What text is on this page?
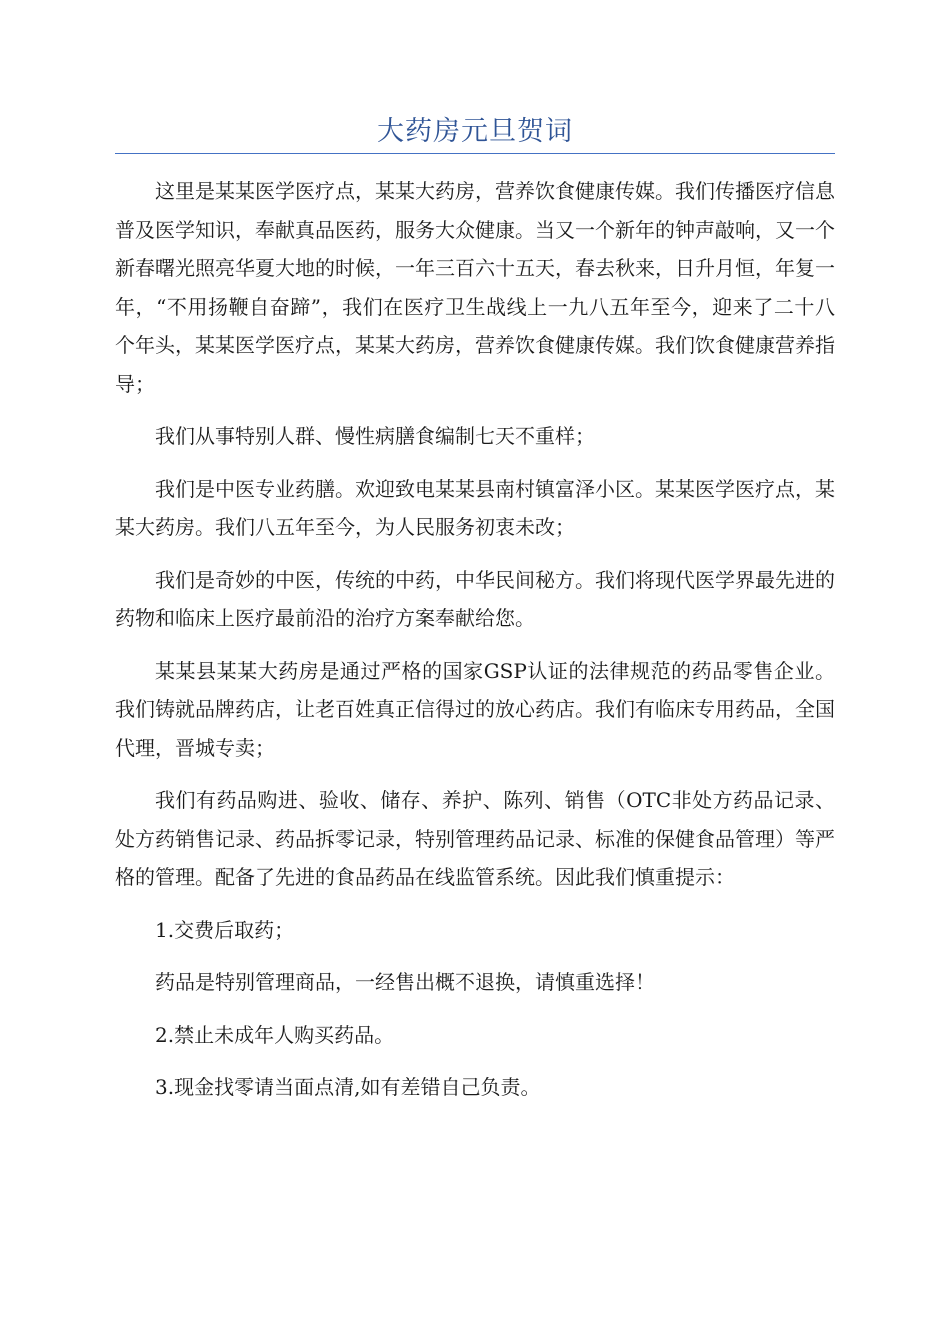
大药房元旦贺词

这里是某某医学医疗点，某某大药房，营养饮食健康传媒。我们传播医疗信息普及医学知识，奉献真品医药，服务大众健康。当又一个新年的钟声敲响，又一个新春曙光照亮华夏大地的时候，一年三百六十五天，春去秋来，日升月恒，年复一年，“不用扬鞭自奋蹄”，我们在医疗卫生战线上一九八五年至今，迎来了二十八个年头，某某医学医疗点，某某大药房，营养饮食健康传媒。我们饮食健康营养指导；

我们从事特别人群、慢性病膳食编制七天不重样；

我们是中医专业药膳。欢迎致电某某县南村镇富泽小区。某某医学医疗点，某某大药房。我们八五年至今，为人民服务初衷未改；

我们是奇妙的中医，传统的中药，中华民间秘方。我们将现代医学界最先进的药物和临床上医疗最前沿的治疗方案奉献给您。

某某县某某大药房是通过严格的国家GSP认证的法律规范的药品零售企业。我们铸就品牌药店，让老百姓真正信得过的放心药店。我们有临床专用药品，全国代理，晋城专卖；

我们有药品购进、验收、储存、养护、陈列、销售（OTC非处方药品记录、处方药销售记录、药品拆零记录，特别管理药品记录、标准的保健食品管理）等严格的管理。配备了先进的食品药品在线监管系统。因此我们慎重提示：

1.交费后取药；

药品是特别管理商品，一经售出概不退换，请慎重选择！

2.禁止未成年人购买药品。

3.现金找零请当面点清,如有差错自己负责。
